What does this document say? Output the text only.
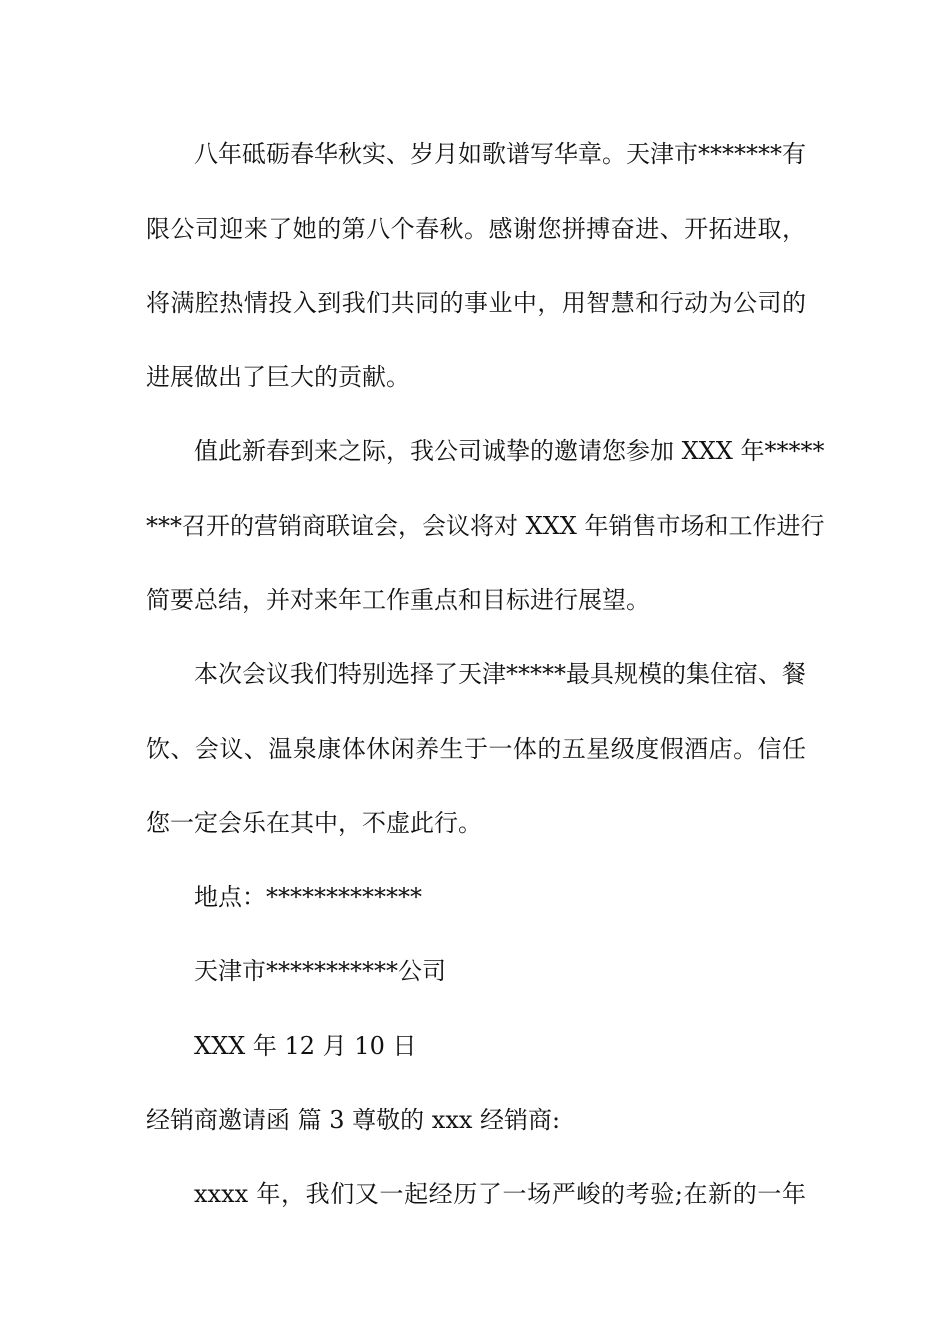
八年砥砺春华秋实、岁月如歌谱写华章。天津市*******有
限公司迎来了她的第八个春秋。感谢您拼搏奋进、开拓进取，
将满腔热情投入到我们共同的事业中，用智慧和行动为公司的
进展做出了巨大的贡献。
值此新春到来之际，我公司诚挚的邀请您参加 XXX 年*****
***召开的营销商联谊会，会议将对 XXX 年销售市场和工作进行
简要总结，并对来年工作重点和目标进行展望。
本次会议我们特别选择了天津*****最具规模的集住宿、餐
饮、会议、温泉康体休闲养生于一体的五星级度假酒店。信任
您一定会乐在其中，不虚此行。
地点：*************
天津市***********公司
XXX 年 12 月 10 日
经销商邀请函 篇 3 尊敬的 xxx 经销商:
xxxx 年，我们又一起经历了一场严峻的考验;在新的一年
